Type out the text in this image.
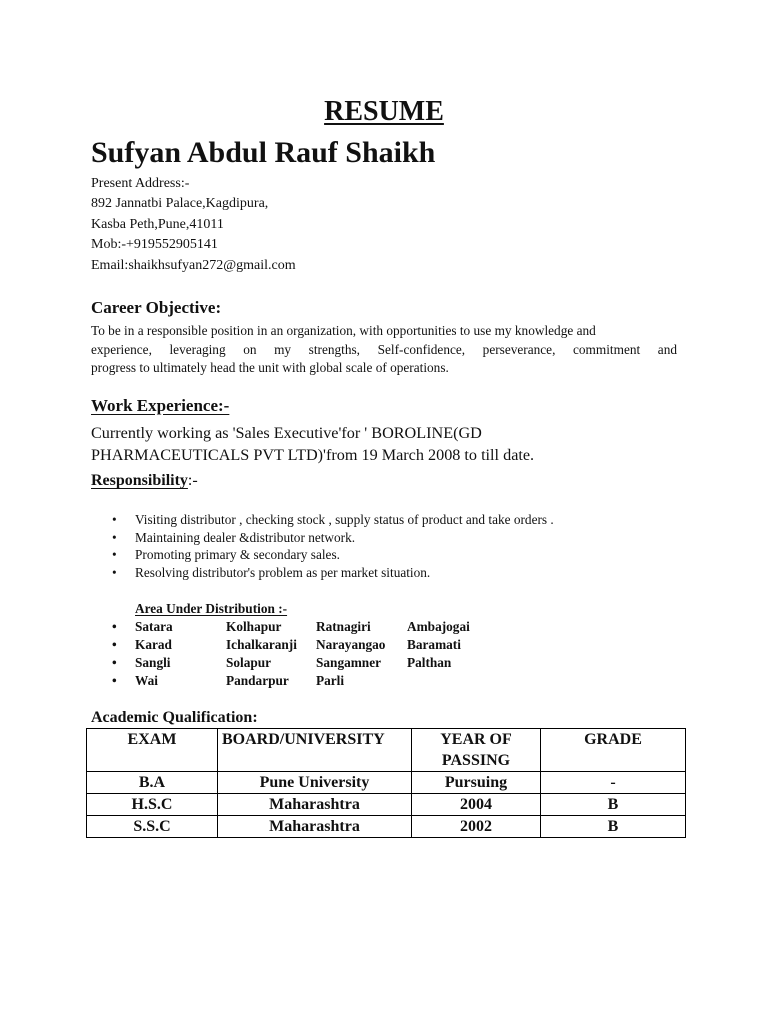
RESUME
Sufyan Abdul Rauf Shaikh
Present Address:-
892 Jannatbi Palace,Kagdipura,
Kasba Peth,Pune,41011
Mob:-+919552905141
Email:shaikhsufyan272@gmail.com
Career Objective:
To be in a responsible position in an organization, with opportunities to use my knowledge and
experience, leveraging on my strengths, Self-confidence, perseverance, commitment and
progress to ultimately head the unit with global scale of operations.
Work Experience:-
Currently working as 'Sales Executive'for ' BOROLINE(GD
PHARMACEUTICALS PVT LTD)'from 19 March 2008 to till date.
Responsibility:-
• Visiting distributor , checking stock , supply status of product and take orders .
• Maintaining dealer &distributor network.
• Promoting primary & secondary sales.
• Resolving distributor's problem as per market situation.
Area Under Distribution :-
• Satara	Kolhapur	Ratnagiri	Ambajogai
• Karad	Ichalkaranji Narayangao Baramati
• Sangli	Solapur	Sangamner Palthan
• Wai	Pandarpur Parli
Academic Qualification:
EXAM	BOARD/UNIVERSITY	YEAR OF PASSING	GRADE
B.A	Pune University	Pursuing	-
H.S.C	Maharashtra	2004	B
S.S.C	Maharashtra	2002	B
